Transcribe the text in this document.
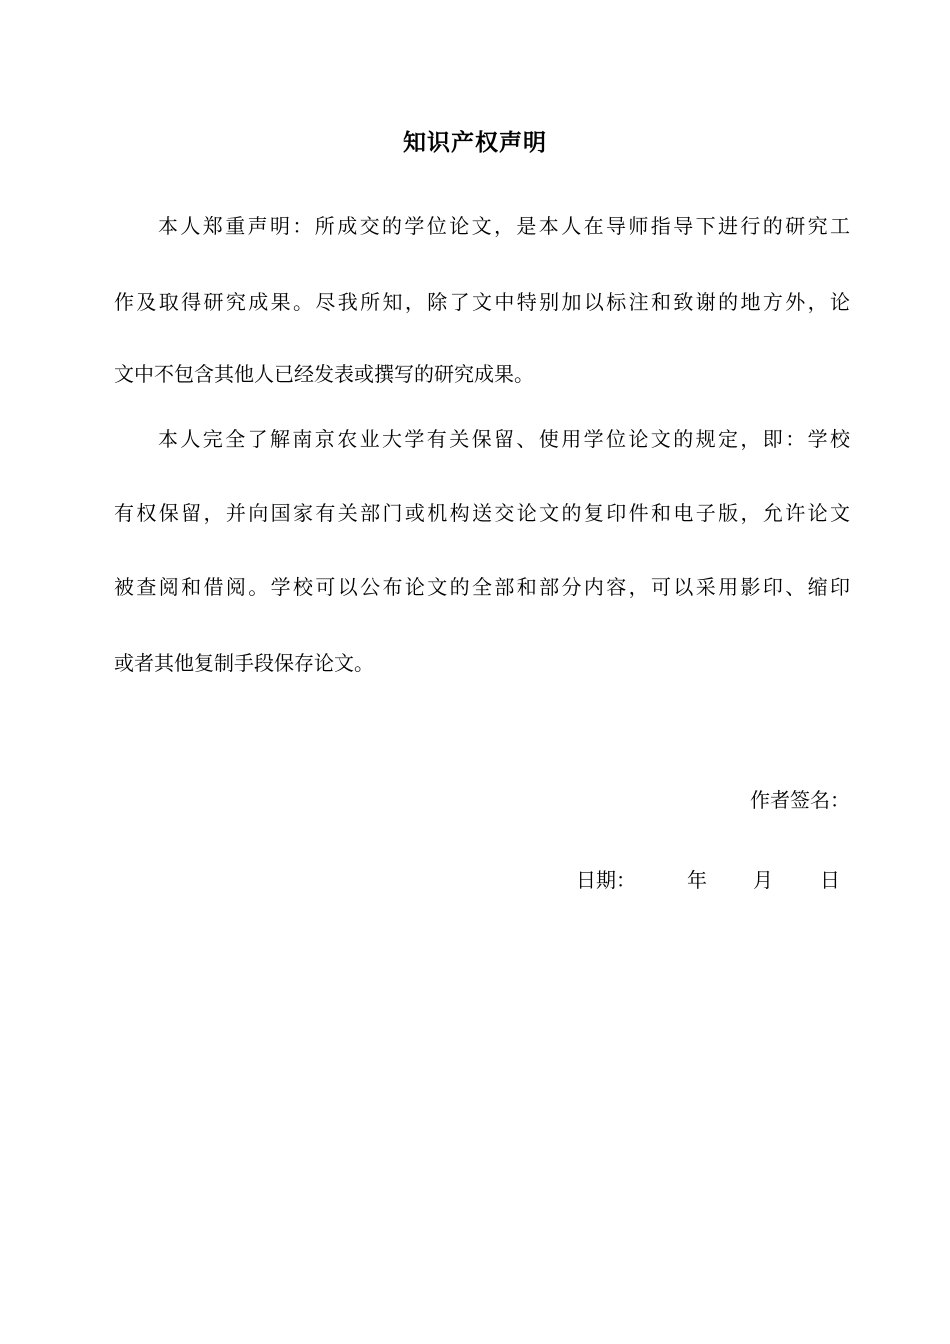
知识产权声明
本人郑重声明：所成交的学位论文，是本人在导师指导下进行的研究工
作及取得研究成果。尽我所知，除了文中特别加以标注和致谢的地方外，论
文中不包含其他人已经发表或撰写的研究成果。
本人完全了解南京农业大学有关保留、使用学位论文的规定，即：学校
有权保留，并向国家有关部门或机构送交论文的复印件和电子版，允许论文
被查阅和借阅。学校可以公布论文的全部和部分内容，可以采用影印、缩印
或者其他复制手段保存论文。
作者签名：
日期：	年 月 日
